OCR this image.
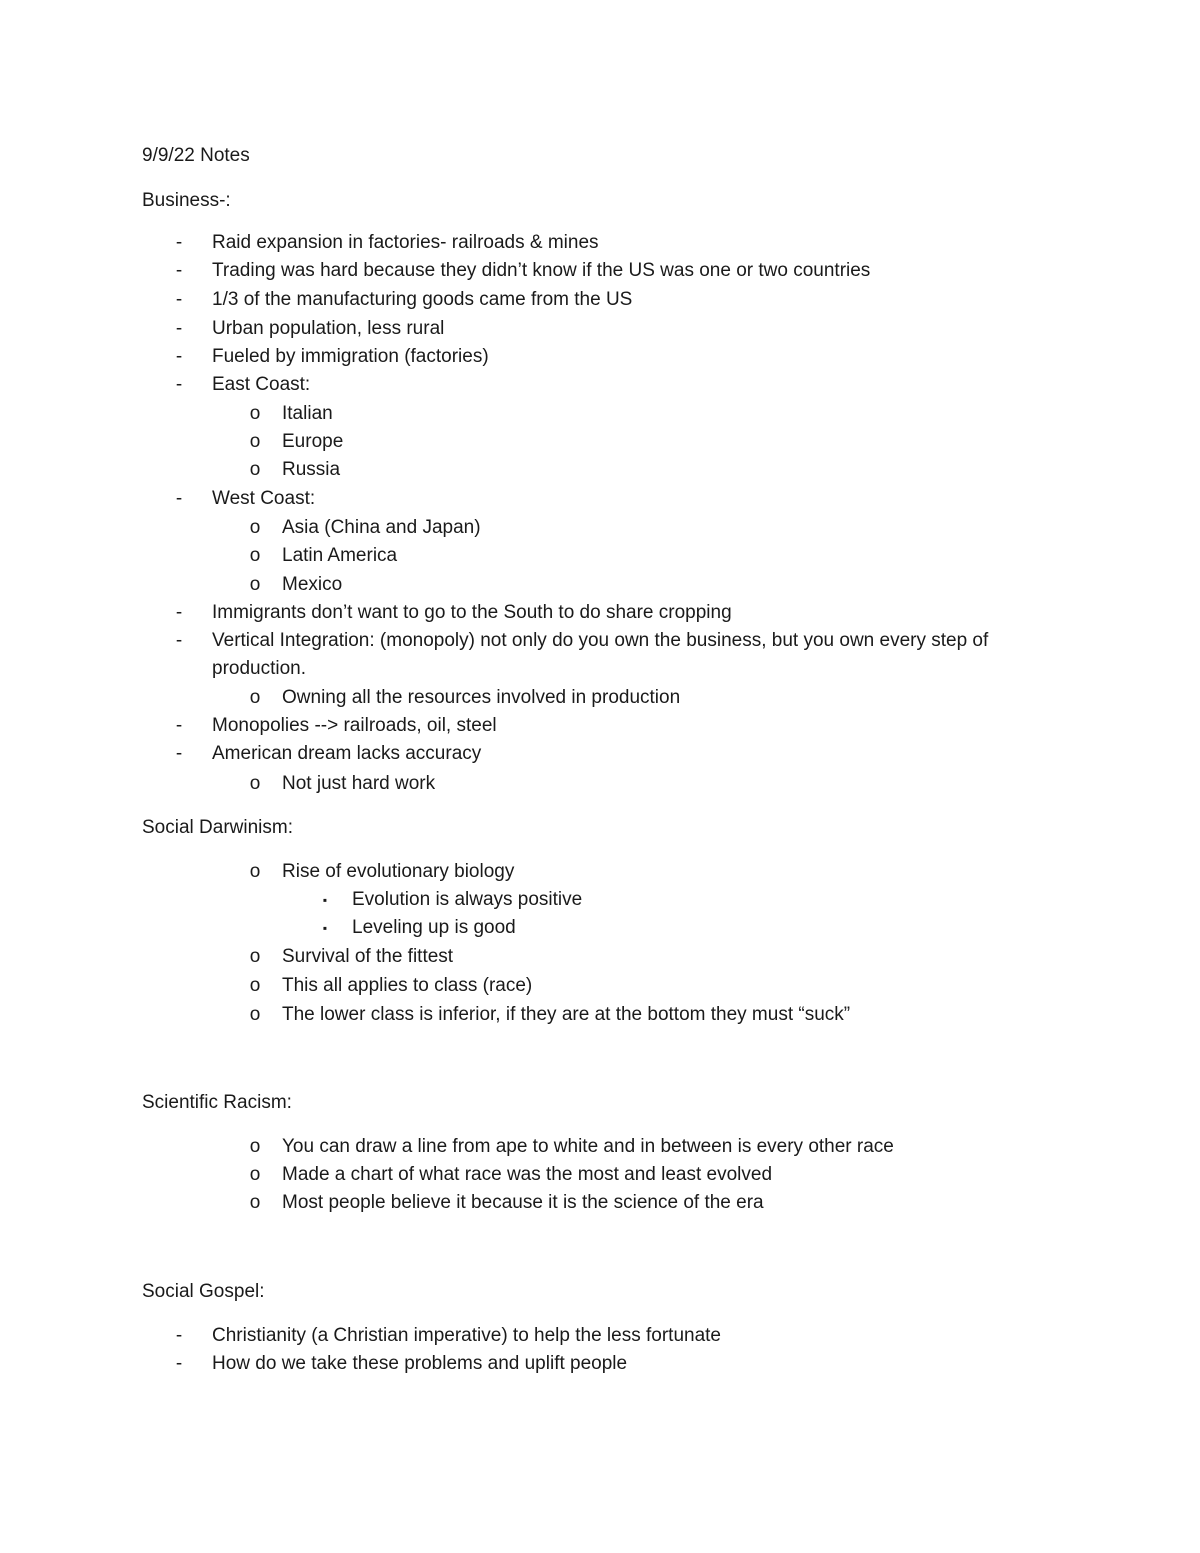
9/9/22 Notes
Business-:
- Raid expansion in factories- railroads & mines
- Trading was hard because they didn’t know if the US was one or two countries
- 1/3 of the manufacturing goods came from the US
- Urban population, less rural
- Fueled by immigration (factories)
- East Coast:
o Italian
o Europe
o Russia
- West Coast:
o Asia (China and Japan)
o Latin America
o Mexico
- Immigrants don’t want to go to the South to do share cropping
- Vertical Integration: (monopoly) not only do you own the business, but you own every step of
production.
o Owning all the resources involved in production
- Monopolies --> railroads, oil, steel
- American dream lacks accuracy
o Not just hard work
Social Darwinism:
o Rise of evolutionary biology
▪ Evolution is always positive
▪ Leveling up is good
o Survival of the fittest
o This all applies to class (race)
o The lower class is inferior, if they are at the bottom they must “suck”
Scientific Racism:
o You can draw a line from ape to white and in between is every other race
o Made a chart of what race was the most and least evolved
o Most people believe it because it is the science of the era
Social Gospel:
- Christianity (a Christian imperative) to help the less fortunate
- How do we take these problems and uplift people
